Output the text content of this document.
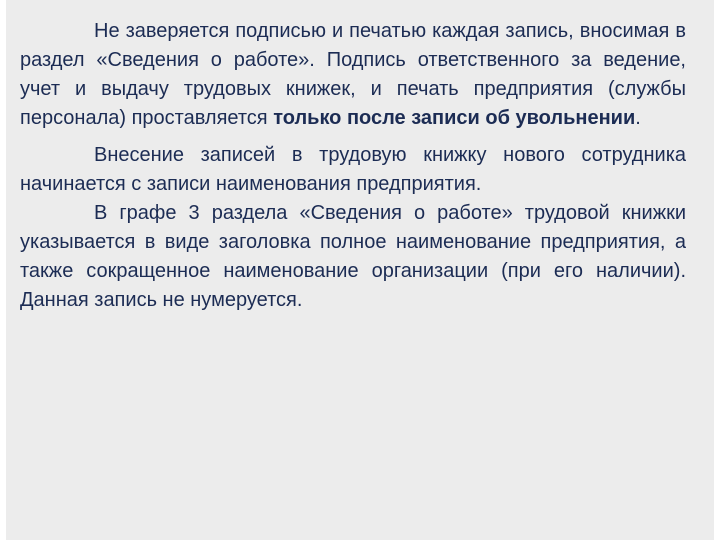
Не заверяется подписью и печатью каждая запись, вносимая в раздел «Сведения о работе». Подпись ответственного за ведение, учет и выдачу трудовых книжек, и печать предприятия (службы персонала) проставляется только после записи об увольнении.

Внесение записей в трудовую книжку нового сотрудника начинается с записи наименования предприятия.

В графе 3 раздела «Сведения о работе» трудовой книжки указывается в виде заголовка полное наименование предприятия, а также сокращенное наименование организации (при его наличии). Данная запись не нумеруется.
